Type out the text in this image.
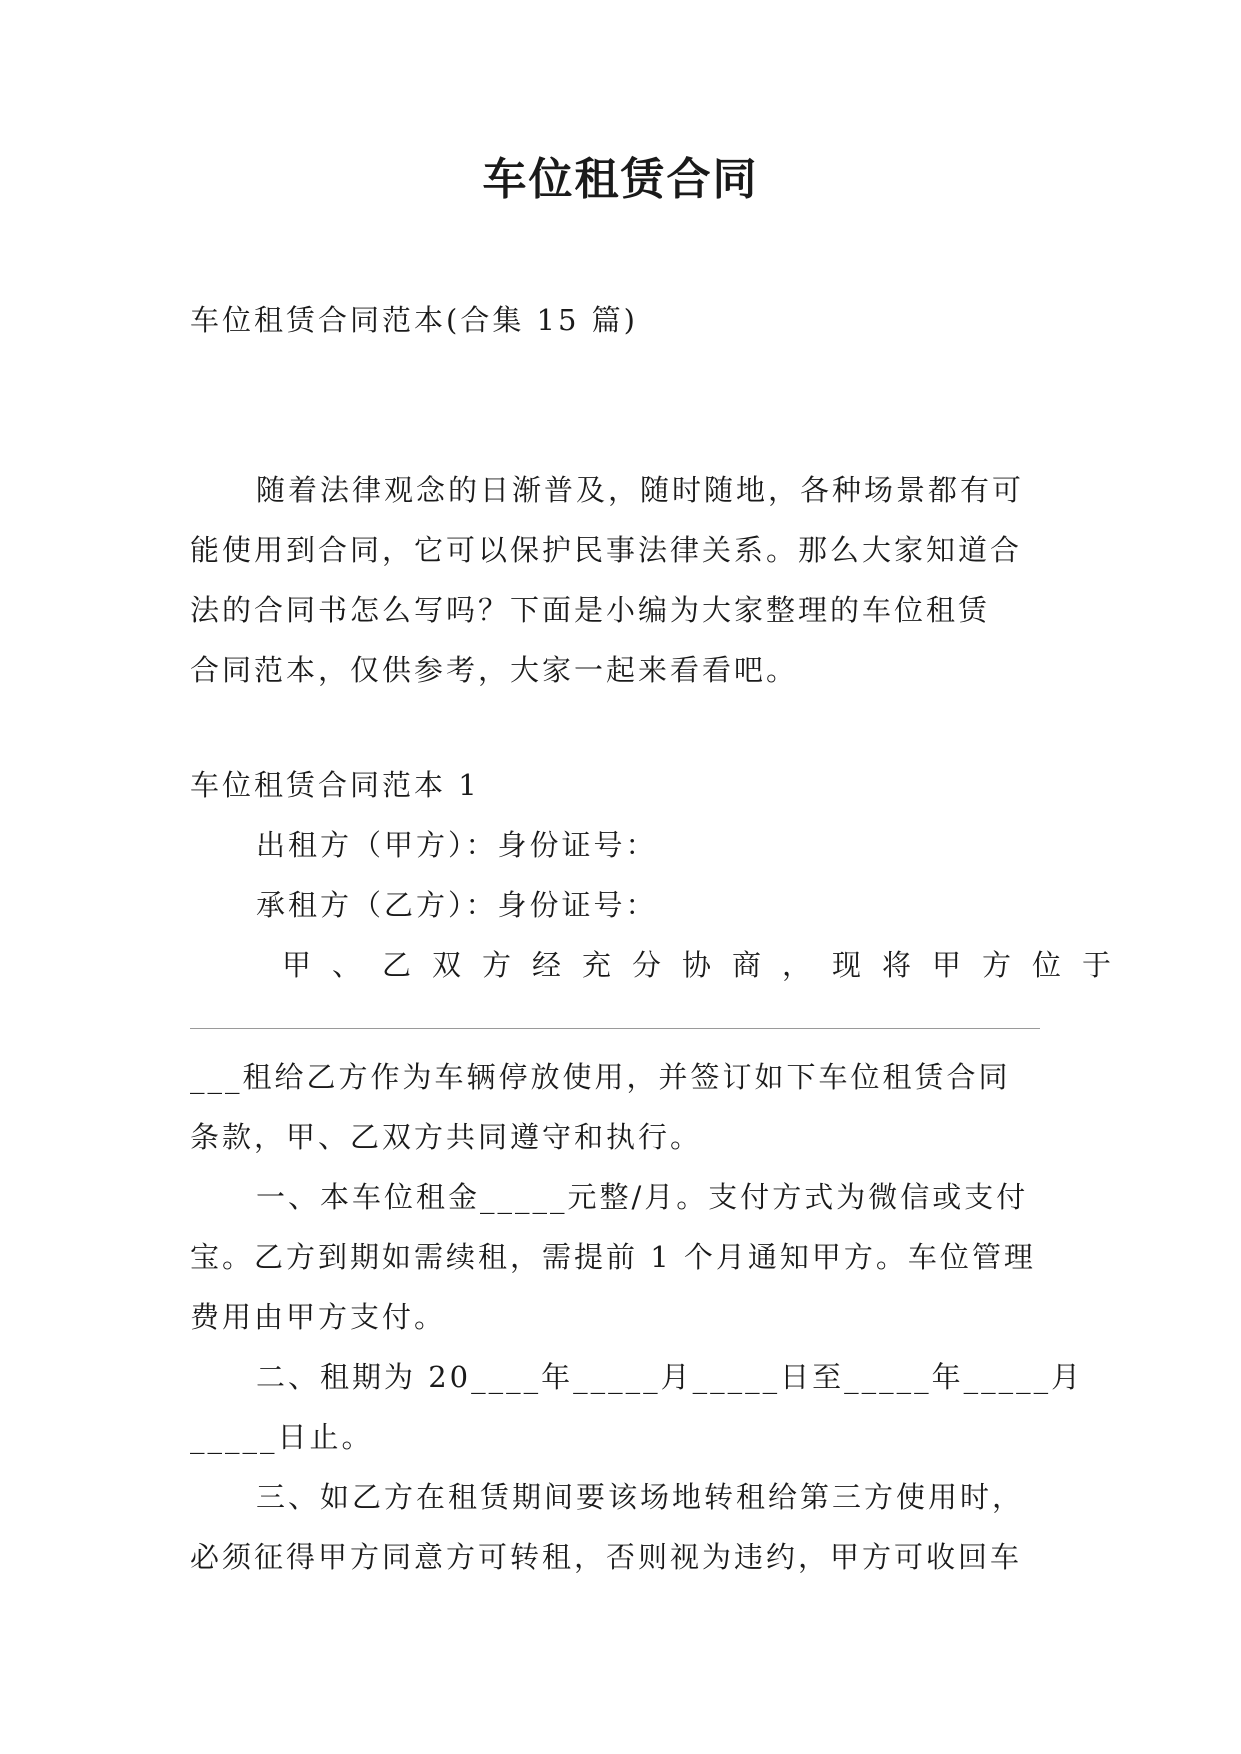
车位租赁合同
车位租赁合同范本(合集 15 篇)
随着法律观念的日渐普及，随时随地，各种场景都有可
能使用到合同，它可以保护民事法律关系。那么大家知道合
法的合同书怎么写吗？下面是小编为大家整理的车位租赁
合同范本，仅供参考，大家一起来看看吧。
车位租赁合同范本 1
出租方（甲方）：身份证号：
承租方（乙方）：身份证号：
甲、乙双方经充分协商，现将甲方位于
___租给乙方作为车辆停放使用，并签订如下车位租赁合同
条款，甲、乙双方共同遵守和执行。
一、本车位租金_____元整/月。支付方式为微信或支付
宝。乙方到期如需续租，需提前 1 个月通知甲方。车位管理
费用由甲方支付。
二、租期为 20____年_____月_____日至_____年_____月
_____日止。
三、如乙方在租赁期间要该场地转租给第三方使用时，
必须征得甲方同意方可转租，否则视为违约，甲方可收回车
